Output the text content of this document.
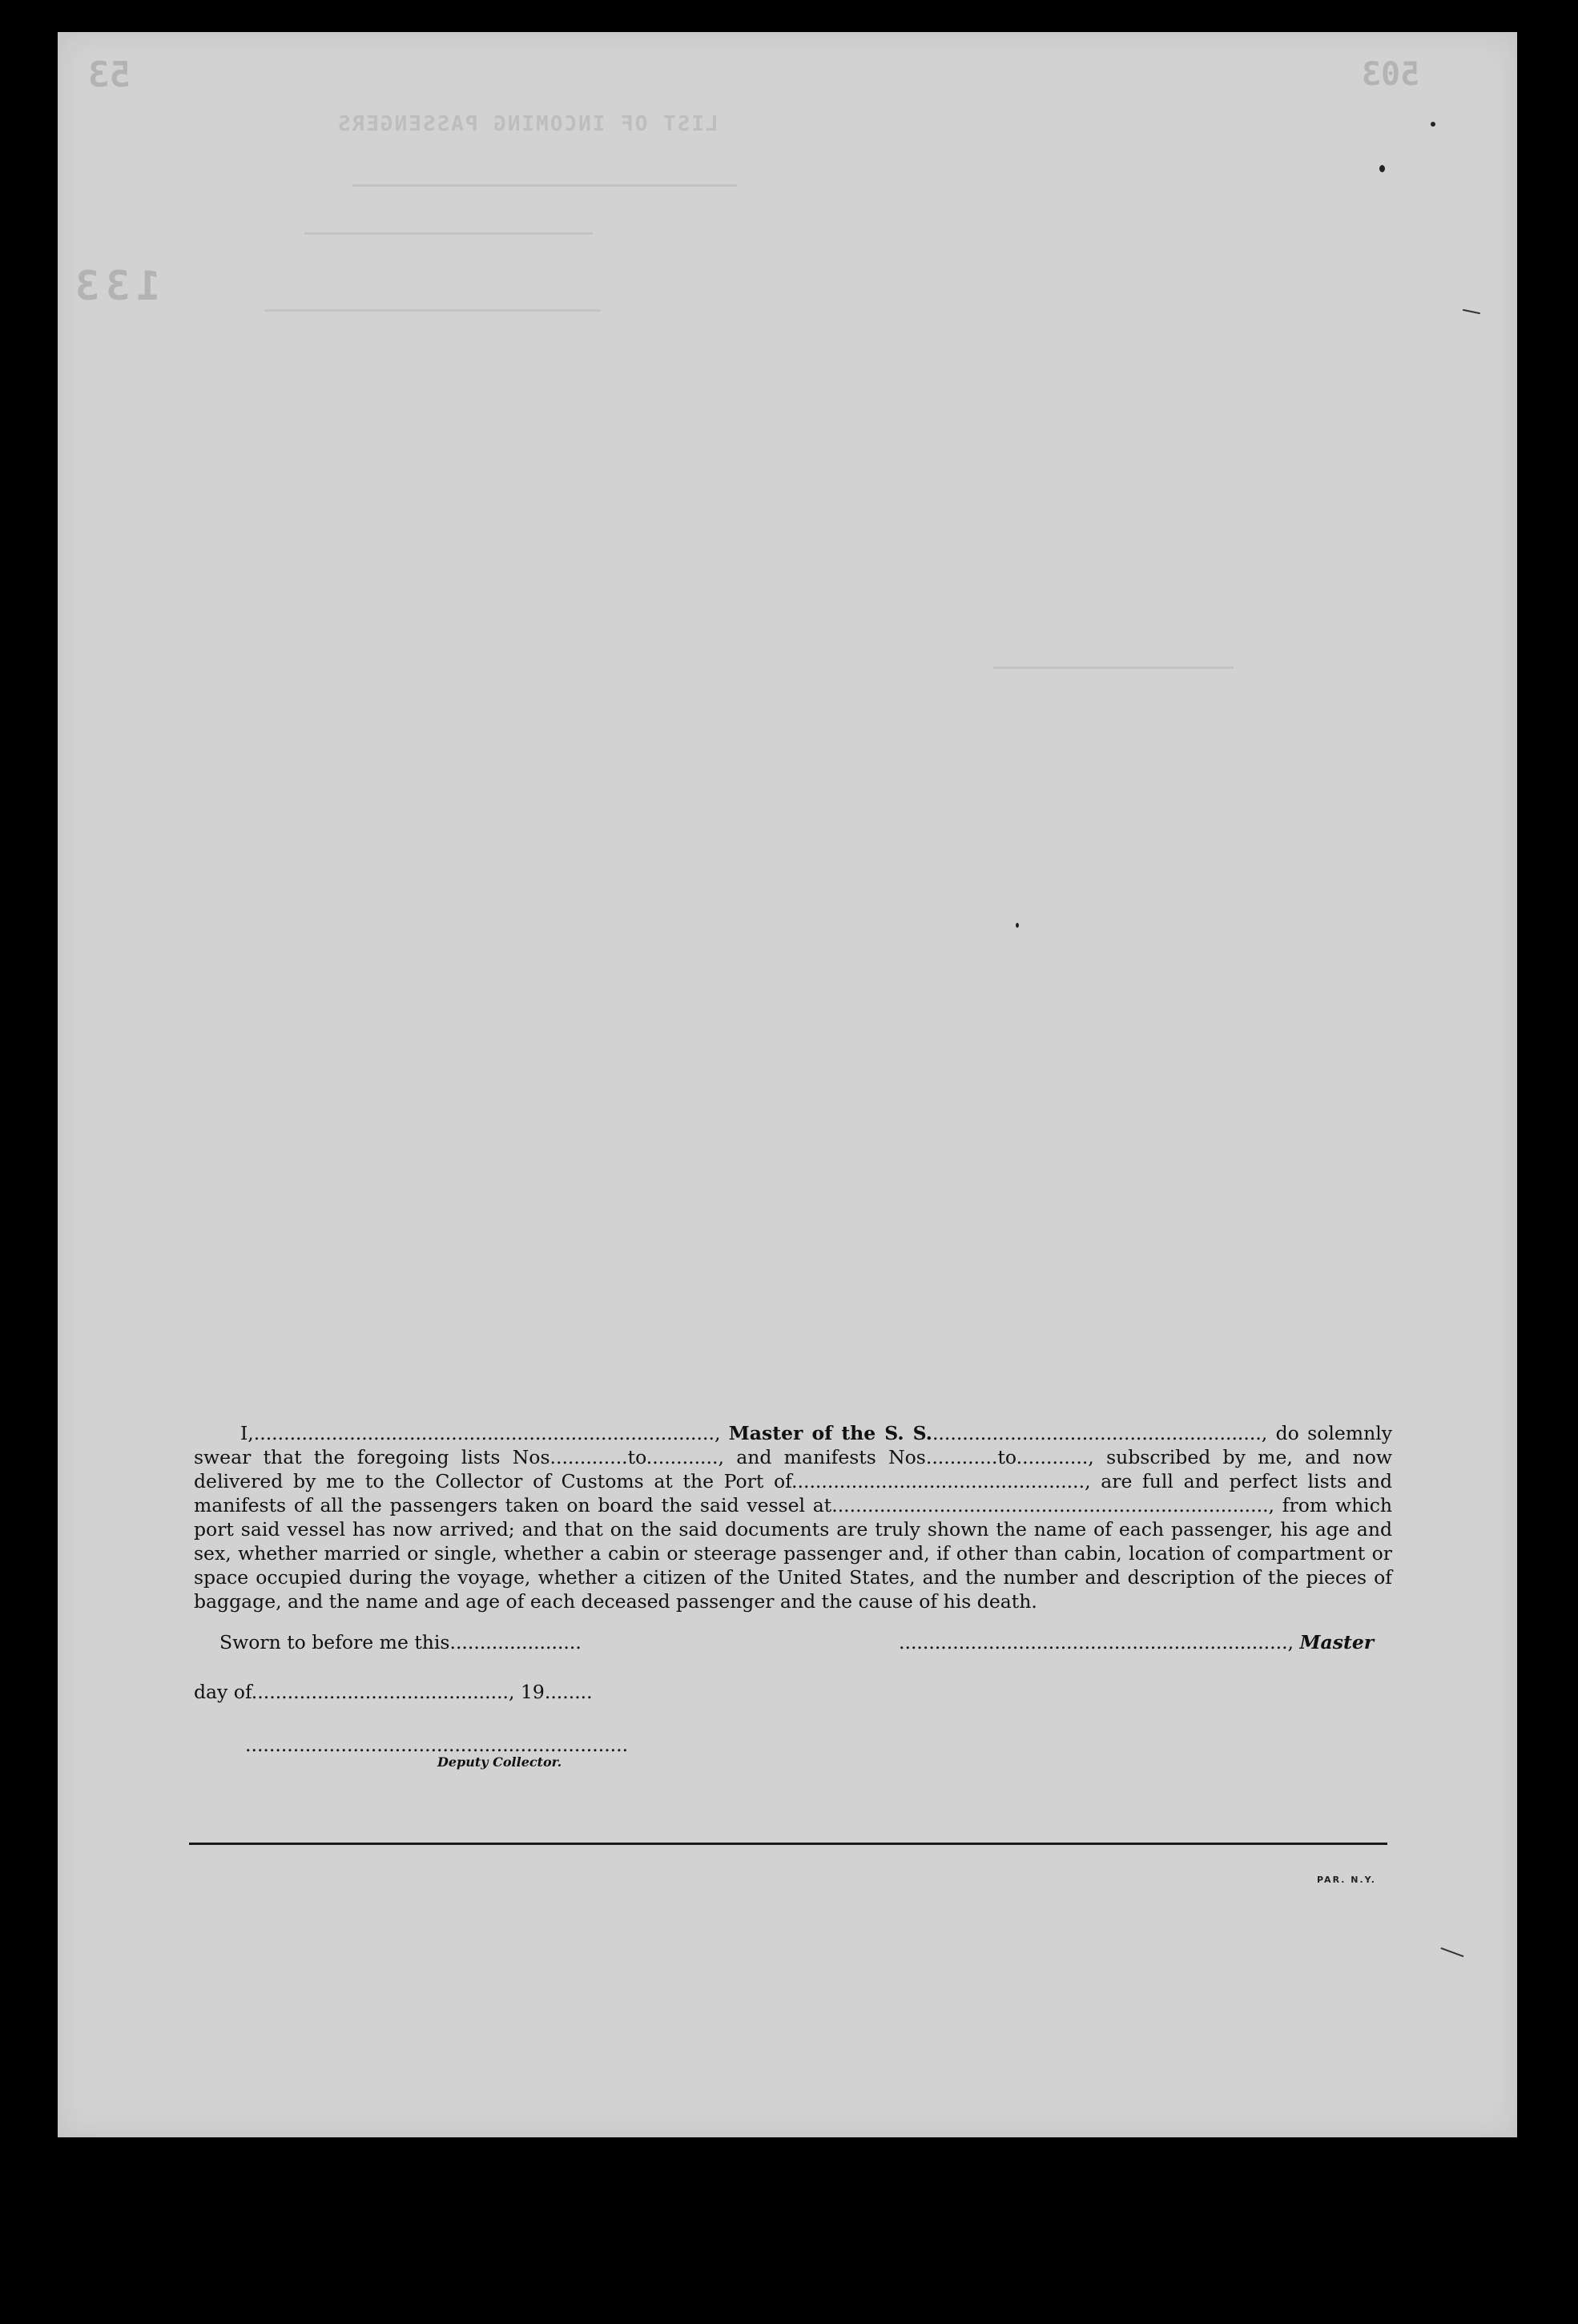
53
133
503
LIST OF INCOMING PASSENGERS

I,............................................................................., Master of the S. S........................................................, do solemnly swear that the foregoing lists Nos.............to............, and manifests Nos............to............, subscribed by me, and now delivered by me to the Collector of Customs at the Port of................................................., are full and perfect lists and manifests of all the passengers taken on board the said vessel at........................................................................., from which port said vessel has now arrived; and that on the said documents are truly shown the name of each passenger, his age and sex, whether married or single, whether a cabin or steerage passenger and, if other than cabin, location of compartment or space occupied during the voyage, whether a citizen of the United States, and the number and description of the pieces of baggage, and the name and age of each deceased passenger and the cause of his death.

Sworn to before me this......................	................................................................., Master
day of..........................................., 19........
................................................................
Deputy Collector.
PAR. N.Y.
